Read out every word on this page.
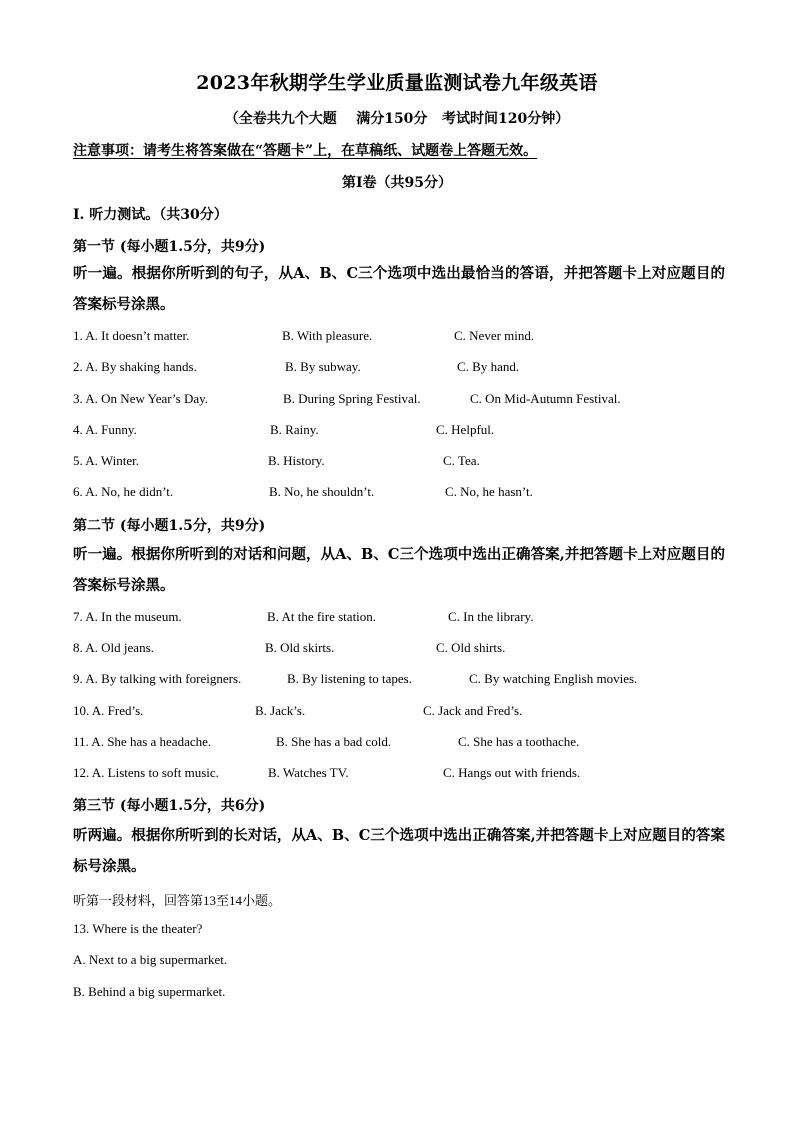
2023年秋期学生学业质量监测试卷九年级英语
（全卷共九个大题    满分150分   考试时间120分钟）
注意事项：请考生将答案做在“答题卡”上，在草稿纸、试题卷上答题无效。
第Ⅰ卷（共95分）
I. 听力测试。（共30分）
第一节 (每小题1.5分，共9分)
听一遍。根据你所听到的句子，从A、B、C三个选项中选出最恰当的答语，并把答题卡上对应题目的答案标号涂黑。
1. A. It doesn’t matter.	B. With pleasure.	C. Never mind.
2. A. By shaking hands.	B. By subway.	C. By hand.
3. A. On New Year’s Day.	B. During Spring Festival.	C. On Mid-Autumn Festival.
4. A. Funny.	B. Rainy.	C. Helpful.
5. A. Winter.	B. History.	C. Tea.
6. A. No, he didn’t.	B. No, he shouldn’t.	C. No, he hasn’t.
第二节 (每小题1.5分，共9分)
听一遍。根据你所听到的对话和问题，从A、B、C三个选项中选出正确答案,并把答题卡上对应题目的答案标号涂黑。
7. A. In the museum.	B. At the fire station.	C. In the library.
8. A. Old jeans.	B. Old skirts.	C. Old shirts.
9. A. By talking with foreigners.	B. By listening to tapes.	C. By watching English movies.
10. A. Fred’s.	B. Jack’s.	C. Jack and Fred’s.
11. A. She has a headache.	B. She has a bad cold.	C. She has a toothache.
12. A. Listens to soft music.	B. Watches TV.	C. Hangs out with friends.
第三节 (每小题1.5分，共6分)
听两遍。根据你所听到的长对话，从A、B、C三个选项中选出正确答案,并把答题卡上对应题目的答案标号涂黑。
听第一段材料，回答第13至14小题。
13. Where is the theater?
A. Next to a big supermarket.
B. Behind a big supermarket.
